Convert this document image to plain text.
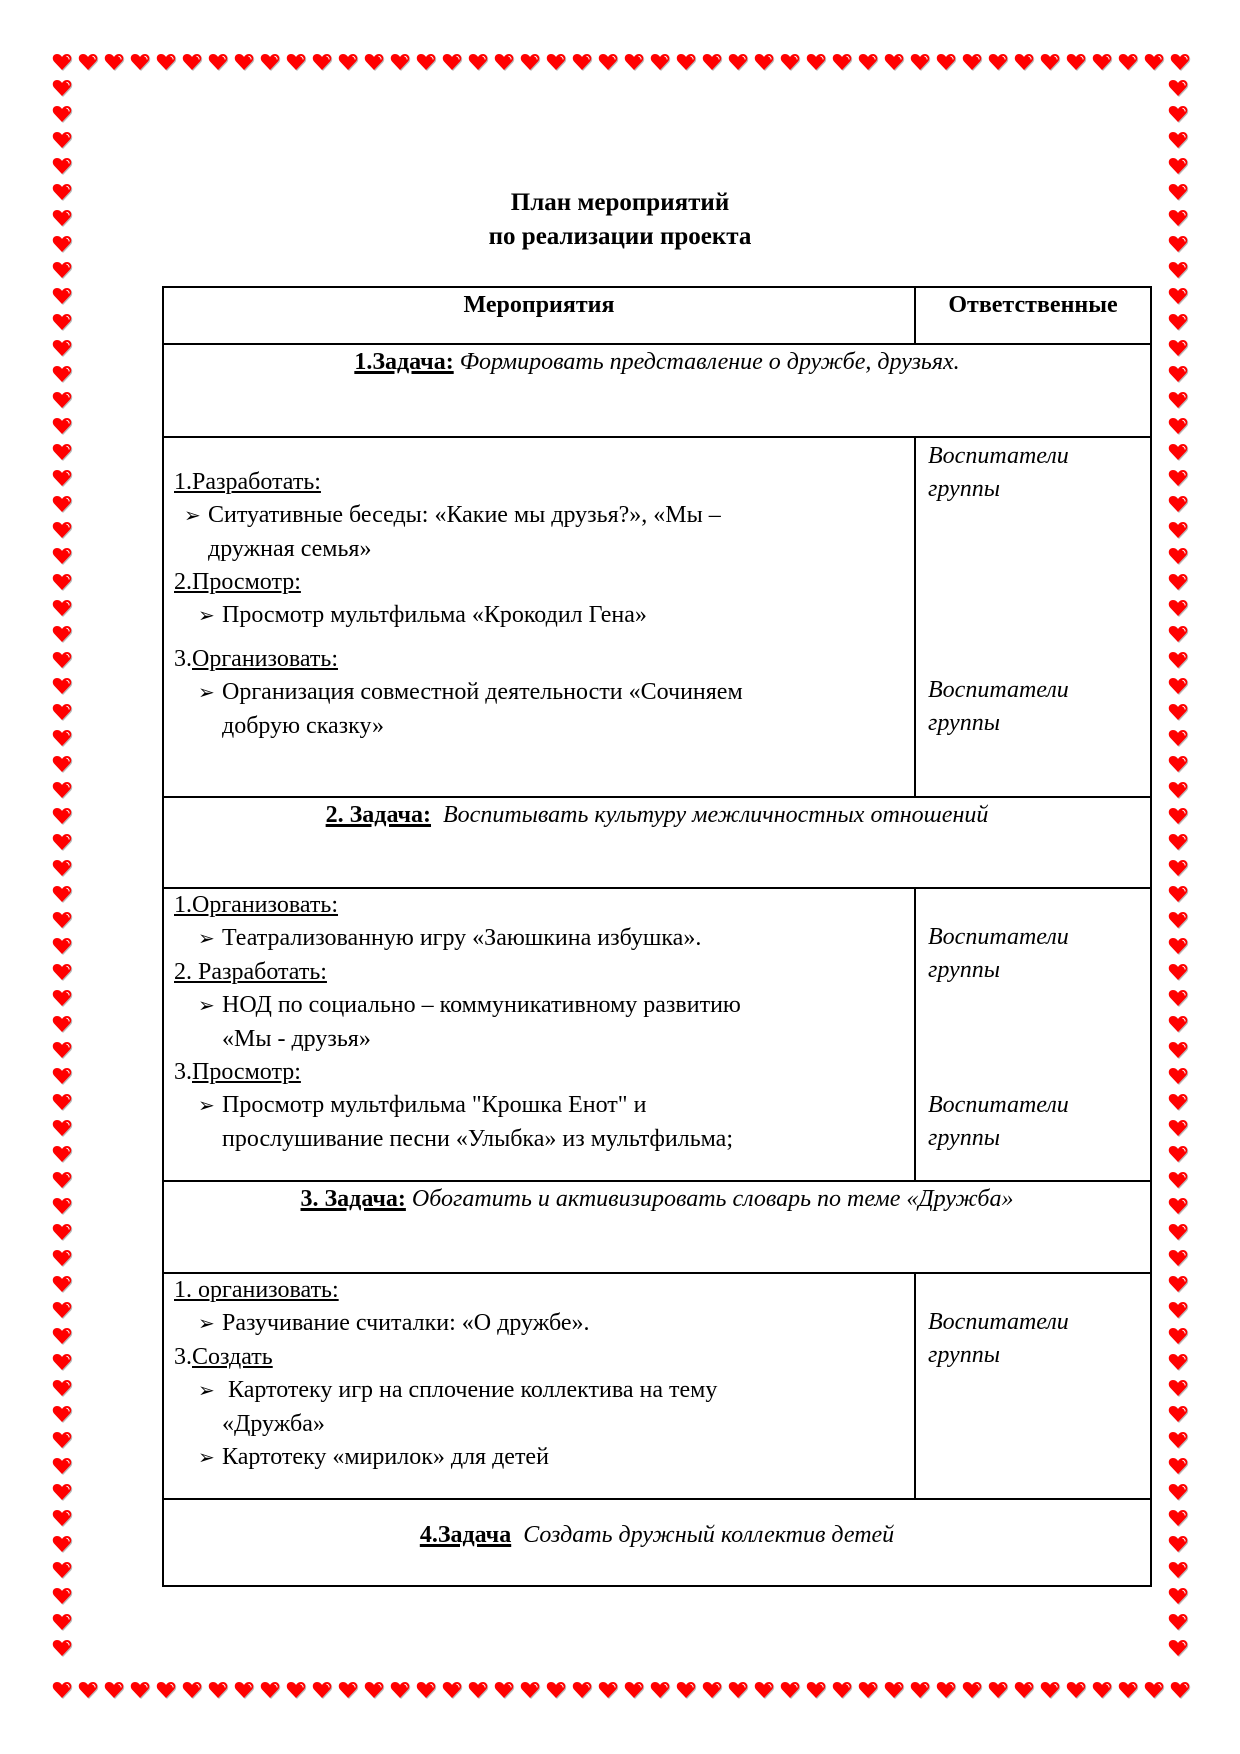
План мероприятий
по реализации проекта
Мероприятия	Ответственные
1.Задача: Формировать представление о дружбе, друзьях.
1.Разработать:
➢ Ситуативные беседы: «Какие мы друзья?», «Мы –
дружная семья»
2.Просмотр:
➢ Просмотр мультфильма «Крокодил Гена»
3.Организовать:
➢ Организация совместной деятельности «Сочиняем
добрую сказку»
Воспитатели
группы
Воспитатели
группы
2. Задача: Воспитывать культуру межличностных отношений
1.Организовать:
➢ Театрализованную игру «Заюшкина избушка».
2. Разработать:
➢ НОД по социально – коммуникативному развитию
«Мы - друзья»
3.Просмотр:
➢ Просмотр мультфильма "Крошка Енот" и
прослушивание песни «Улыбка» из мультфильма;
Воспитатели
группы
Воспитатели
группы
3. Задача: Обогатить и активизировать словарь по теме «Дружба»
1. организовать:
➢ Разучивание считалки: «О дружбе».
3.Создать
➢ Картотеку игр на сплочение коллектива на тему
«Дружба»
➢ Картотеку «мирилок» для детей
Воспитатели
группы
4.Задача Создать дружный коллектив детей
